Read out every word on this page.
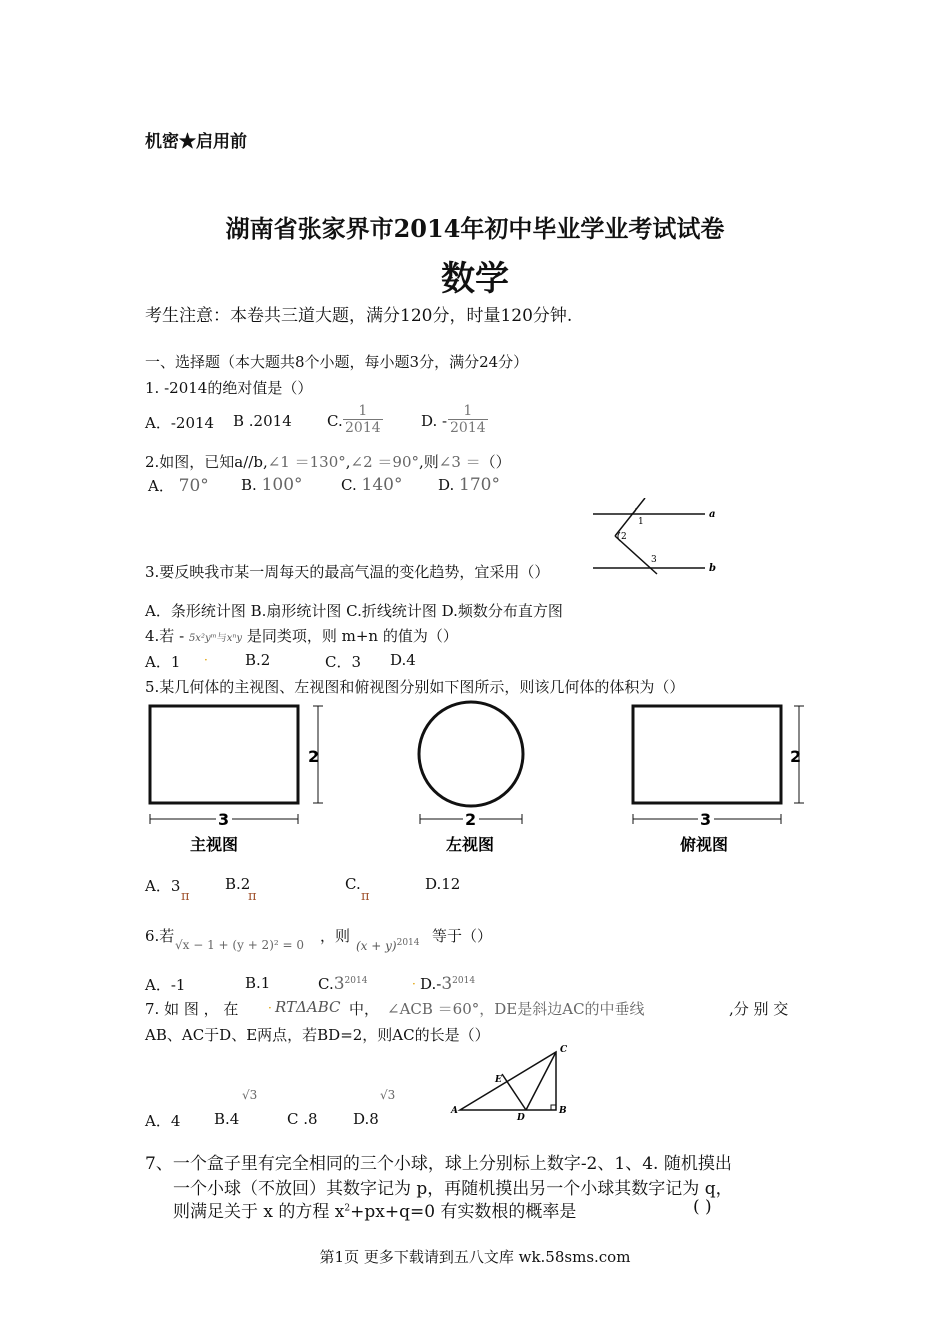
机密★启用前
湖南省张家界市2014年初中毕业学业考试试卷
数学
考生注意：本卷共三道大题，满分120分，时量120分钟.
一、选择题（本大题共8个小题，每小题3分，满分24分）
1. -2014的绝对值是（）
A．-2014 B .2014 C. $\frac{1}{2014}$	D. - $\frac{1}{2014}$
2.如图，已知a//b,∠1 ＝130°,∠2 ＝90°,则∠3 ＝（）
A． 70° B. 100°	C. 140° D. 170°
a
b
1
2
3
3.要反映我市某一周每天的最高气温的变化趋势，宜采用（）
A．条形统计图 B.扇形统计图 C.折线统计图 D.频数分布直方图
4.若 - 5x²yᵐ与xⁿy 是同类项，则 m+n 的值为（）
A．1 · B.2	C．3 D.4
5.某几何体的主视图、左视图和俯视图分别如下图所示，则该几何体的体积为（）
2
3
主视图
2
左视图
2
3
俯视图
A．3
π
B.2
π
C.
π
D.12
6.若 √x − 1 + (y + 2)² = 0 ，则
$(x + y)^{2014}$ 等于（）
A．-1	B.1	$C.3^{2014}$	· $D.-3^{2014}$
7. 如 图 ， 在 · RTΔABC 中， ∠ACB ＝60°，DE是斜边AC的中垂线	,分 别 交
AB、AC于D、E两点，若BD=2，则AC的长是（）
√3	√3
A．4 B.4	C .8 D.8	A	B
C
D
E
7、一个盒子里有完全相同的三个小球，球上分别标上数字-2、1、4. 随机摸出
一个小球（不放回）其数字记为 p，再随机摸出另一个小球其数字记为 q，
则满足关于 x 的方程 $x^2+px+q=0$ 有实数根的概率是	( )
第1页 更多下载请到五八文库 wk.58sms.com
